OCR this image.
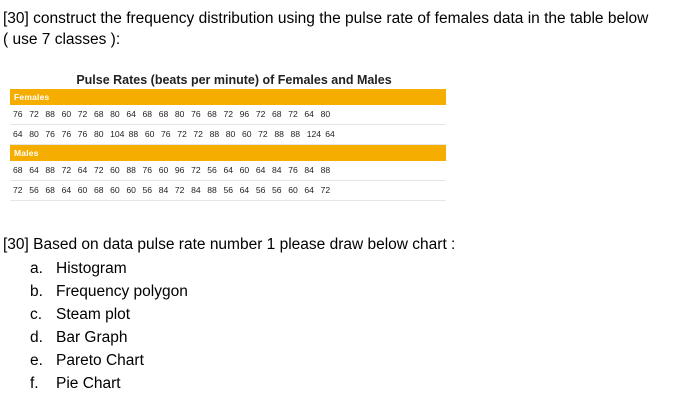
[30] construct the frequency distribution using the pulse rate of females data in the table below
( use 7 classes ):
Pulse Rates (beats per minute) of Females and Males
Females
76 72 88 60 72 68 80 64 68 68 80 76 68 72 96 72 68 72 64 80
64 80 76 76 76 80 104 88 60 76 72 72 88 80 60 72 88 88 124 64
Males
68 64 88 72 64 72 60 88 76 60 96 72 56 64 60 64 84 76 84 88
72 56 68 64 60 68 60 60 56 84 72 84 88 56 64 56 56 60 64 72
[30] Based on data pulse rate number 1 please draw below chart :
a. Histogram
b. Frequency polygon
c. Steam plot
d. Bar Graph
e. Pareto Chart
f. Pie Chart
